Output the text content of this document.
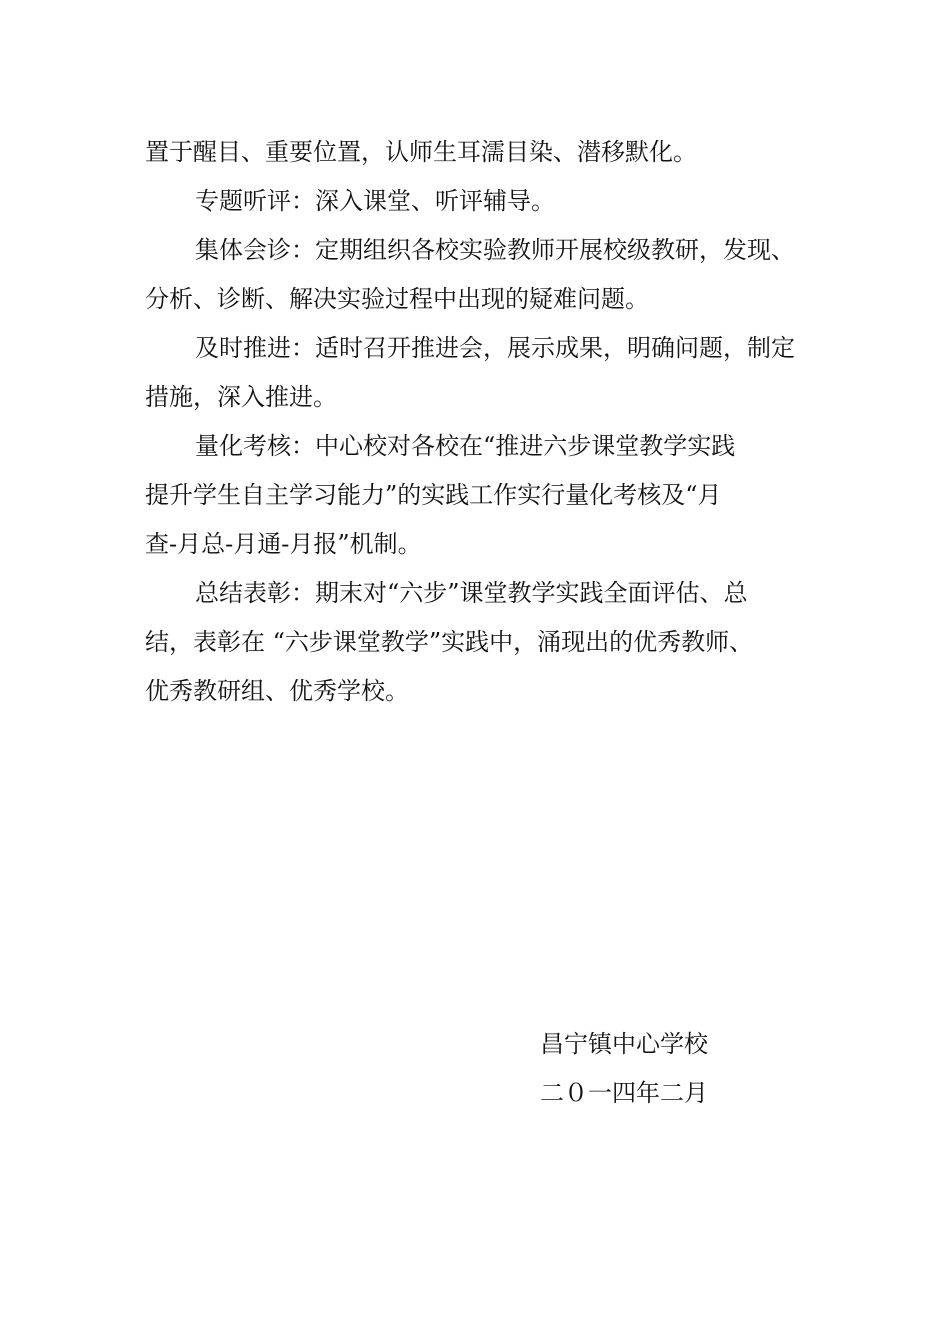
置于醒目、重要位置，认师生耳濡目染、潜移默化。

专题听评：深入课堂、听评辅导。

集体会诊：定期组织各校实验教师开展校级教研，发现、
分析、诊断、解决实验过程中出现的疑难问题。

及时推进：适时召开推进会，展示成果，明确问题，制定
措施，深入推进。

量化考核：中心校对各校在“推进六步课堂教学实践
提升学生自主学习能力”的实践工作实行量化考核及“月
查-月总-月通-月报”机制。

总结表彰：期末对“六步”课堂教学实践全面评估、总
结，表彰在 “六步课堂教学”实践中，涌现出的优秀教师、
优秀教研组、优秀学校。

昌宁镇中心学校
二０一四年二月
